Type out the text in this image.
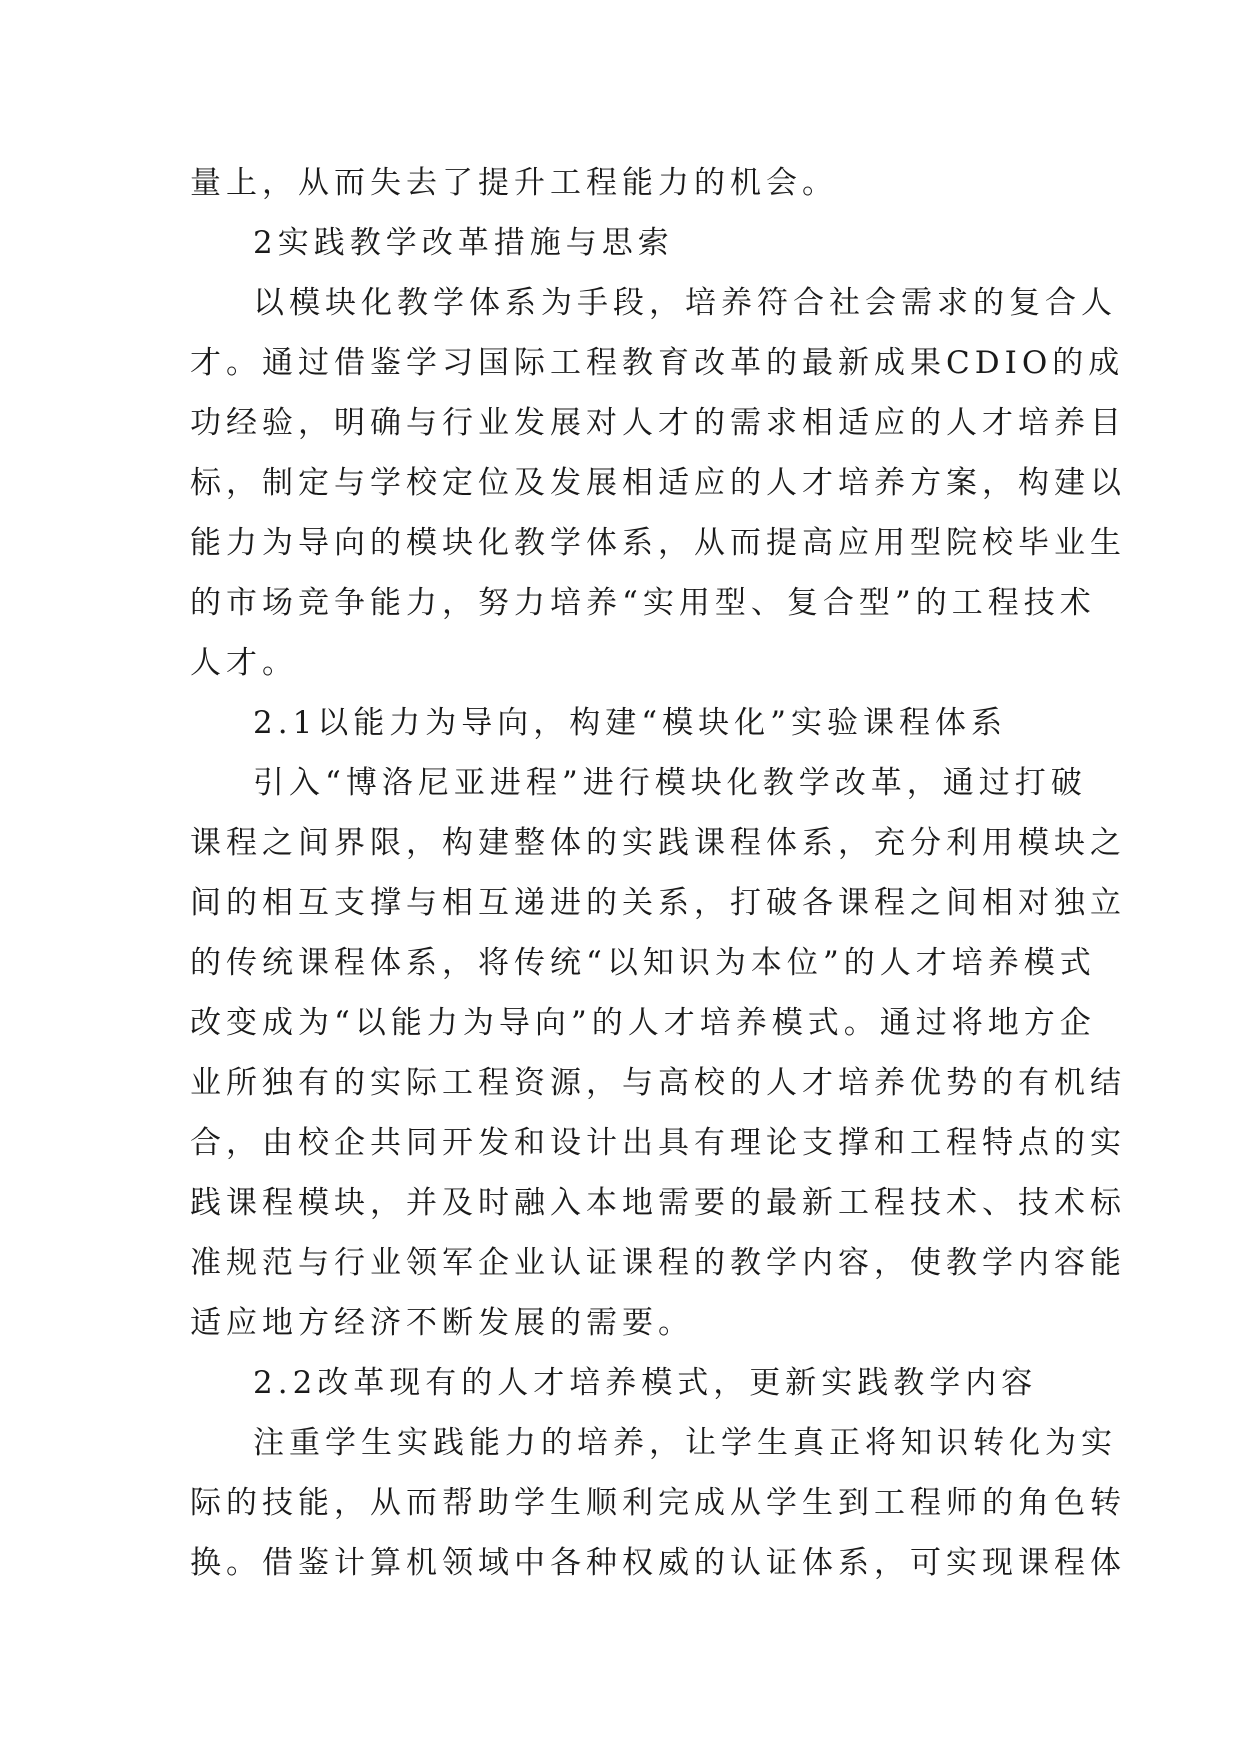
量上，从而失去了提升工程能力的机会。
2实践教学改革措施与思索
以模块化教学体系为手段，培养符合社会需求的复合人
才。通过借鉴学习国际工程教育改革的最新成果CDIO的成
功经验，明确与行业发展对人才的需求相适应的人才培养目
标，制定与学校定位及发展相适应的人才培养方案，构建以
能力为导向的模块化教学体系，从而提高应用型院校毕业生
的市场竞争能力，努力培养“实用型、复合型”的工程技术
人才。
2.1以能力为导向，构建“模块化”实验课程体系
引入“博洛尼亚进程”进行模块化教学改革，通过打破
课程之间界限，构建整体的实践课程体系，充分利用模块之
间的相互支撑与相互递进的关系，打破各课程之间相对独立
的传统课程体系，将传统“以知识为本位”的人才培养模式
改变成为“以能力为导向”的人才培养模式。通过将地方企
业所独有的实际工程资源，与高校的人才培养优势的有机结
合，由校企共同开发和设计出具有理论支撑和工程特点的实
践课程模块，并及时融入本地需要的最新工程技术、技术标
准规范与行业领军企业认证课程的教学内容，使教学内容能
适应地方经济不断发展的需要。
2.2改革现有的人才培养模式，更新实践教学内容
注重学生实践能力的培养，让学生真正将知识转化为实
际的技能，从而帮助学生顺利完成从学生到工程师的角色转
换。借鉴计算机领域中各种权威的认证体系，可实现课程体
